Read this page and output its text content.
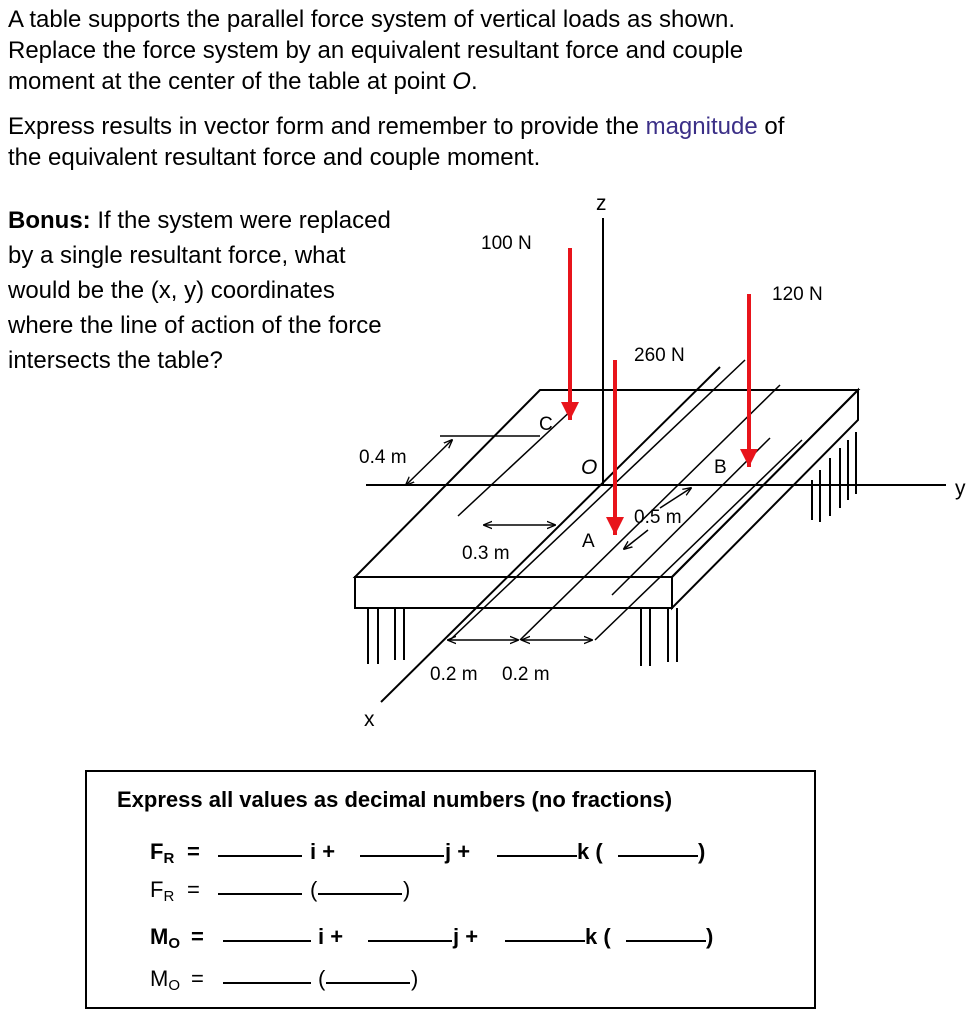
A table supports the parallel force system of vertical loads as shown.
Replace the force system by an equivalent resultant force and couple
moment at the center of the table at point O.

Express results in vector form and remember to provide the magnitude of
the equivalent resultant force and couple moment.

Bonus: If the system were replaced by a single resultant force, what would be the (x, y) coordinates where the line of action of the force intersects the table?

z
y
x
O
100 N
120 N
260 N
C
B
A
0.4 m
0.3 m
0.5 m
0.2 m 0.2 m

Express all values as decimal numbers (no fractions)

$F_R$ =	i +	j +	k (	)
$F_R$ =	(	)
$M_O$ =	i +	j +	k (	)
$M_O$ =	(	)
